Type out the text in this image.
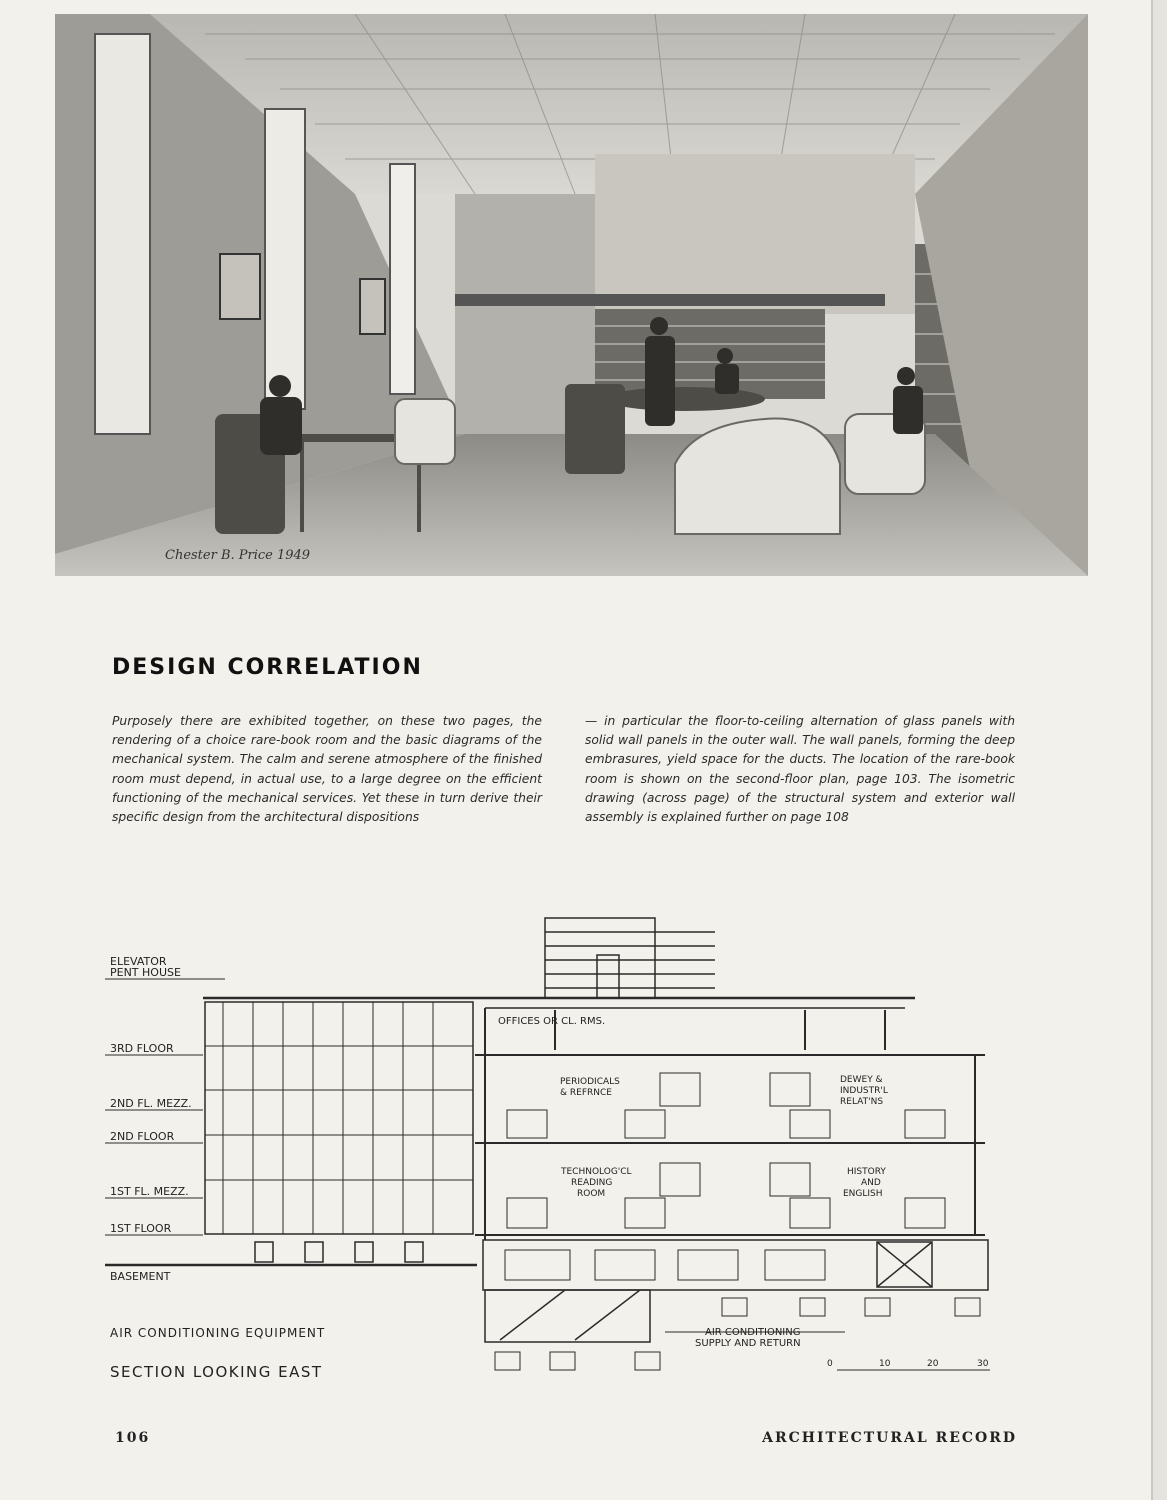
Chester B. Price 1949
DESIGN CORRELATION

Purposely there are exhibited together, on these two pages, the rendering of a choice rare-book room and the basic diagrams of the mechanical system. The calm and serene atmosphere of the finished room must depend, in actual use, to a large degree on the efficient functioning of the mechanical services. Yet these in turn derive their specific design from the architectural dispositions

— in particular the floor-to-ceiling alternation of glass panels with solid wall panels in the outer wall. The wall panels, forming the deep embrasures, yield space for the ducts. The location of the rare-book room is shown on the second-floor plan, page 103. The isometric drawing (across page) of the structural system and exterior wall assembly is explained further on page 108

ELEVATOR
PENT HOUSE
3RD FLOOR
2ND FL. MEZZ.
2ND FLOOR
1ST FL. MEZZ.
1ST FLOOR
BASEMENT
OFFICES OR CL. RMS.
PERIODICALS
& REFRNCE
DEWEY &
INDUSTR'L
RELAT'NS
TECHNOLOG'CL
READING
ROOM
HISTORY
AND
ENGLISH
AIR CONDITIONING EQUIPMENT	AIR CONDITIONING
SUPPLY AND RETURN
SECTION LOOKING EAST	0	10	20	30
106	ARCHITECTURAL RECORD
